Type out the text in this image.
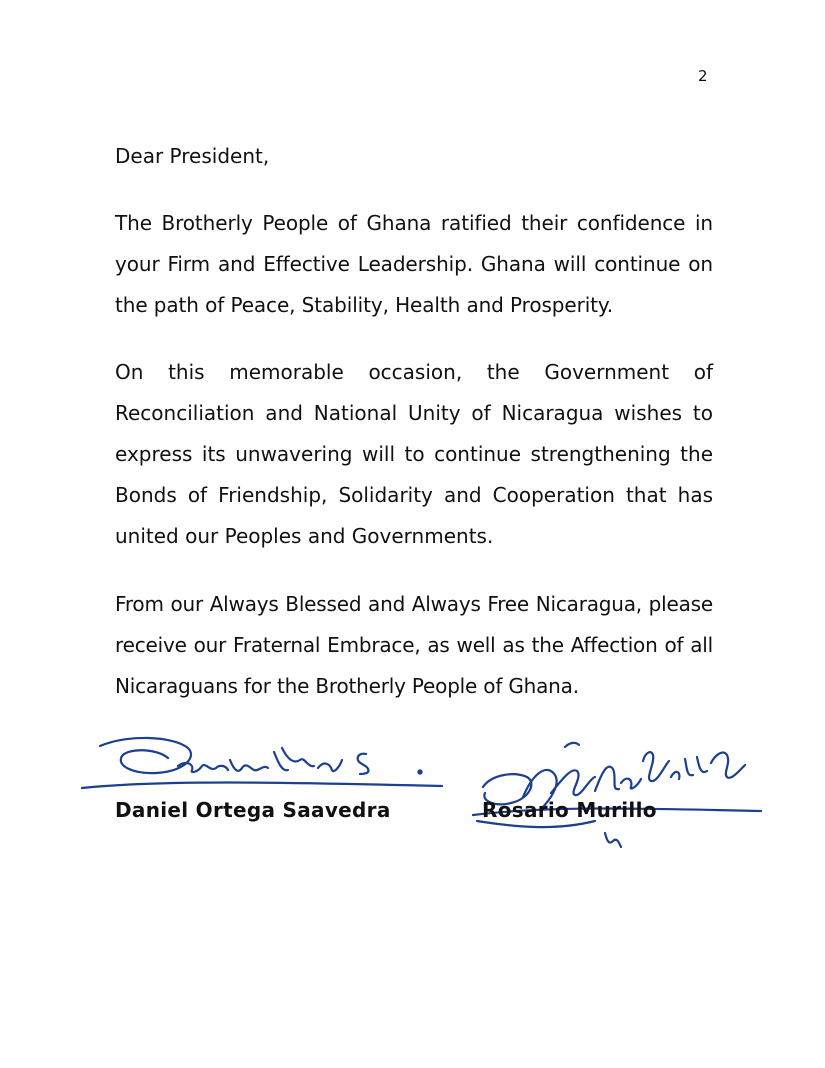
2
Dear President,

The Brotherly People of Ghana ratified their confidence in your Firm and Effective Leadership. Ghana will continue on the path of Peace, Stability, Health and Prosperity.

On this memorable occasion, the Government of Reconciliation and National Unity of Nicaragua wishes to express its unwavering will to continue strengthening the Bonds of Friendship, Solidarity and Cooperation that has united our Peoples and Governments.

From our Always Blessed and Always Free Nicaragua, please receive our Fraternal Embrace, as well as the Affection of all Nicaraguans for the Brotherly People of Ghana.

Daniel Ortega Saavedra	Rosario Murillo
